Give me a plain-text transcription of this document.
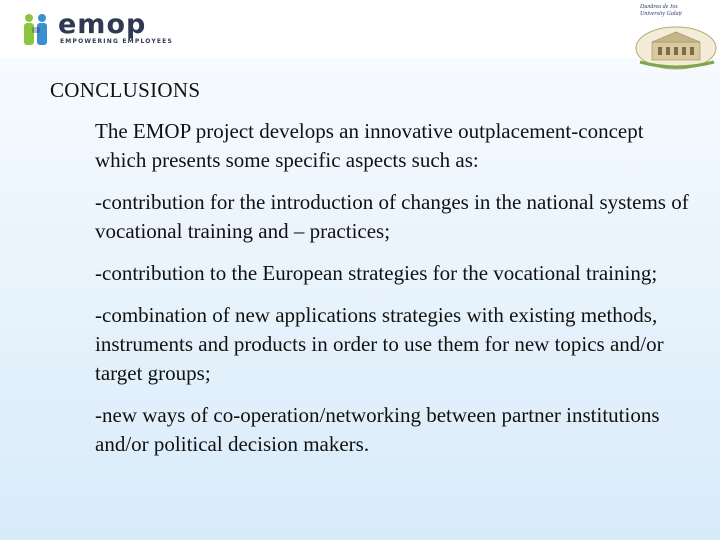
emop
EMPOWERING EMPLOYEES
Dunărea de Jos University Galați
CONCLUSIONS

The EMOP project develops an innovative outplacement-concept which presents some specific aspects such as:

-contribution for the introduction of changes in the national systems of vocational training and – practices;

-contribution to the European strategies for the vocational training;

-combination of new applications strategies with existing methods, instruments and products in order to use them for new topics and/or target groups;

-new ways of co-operation/networking between partner institutions and/or political decision makers.
